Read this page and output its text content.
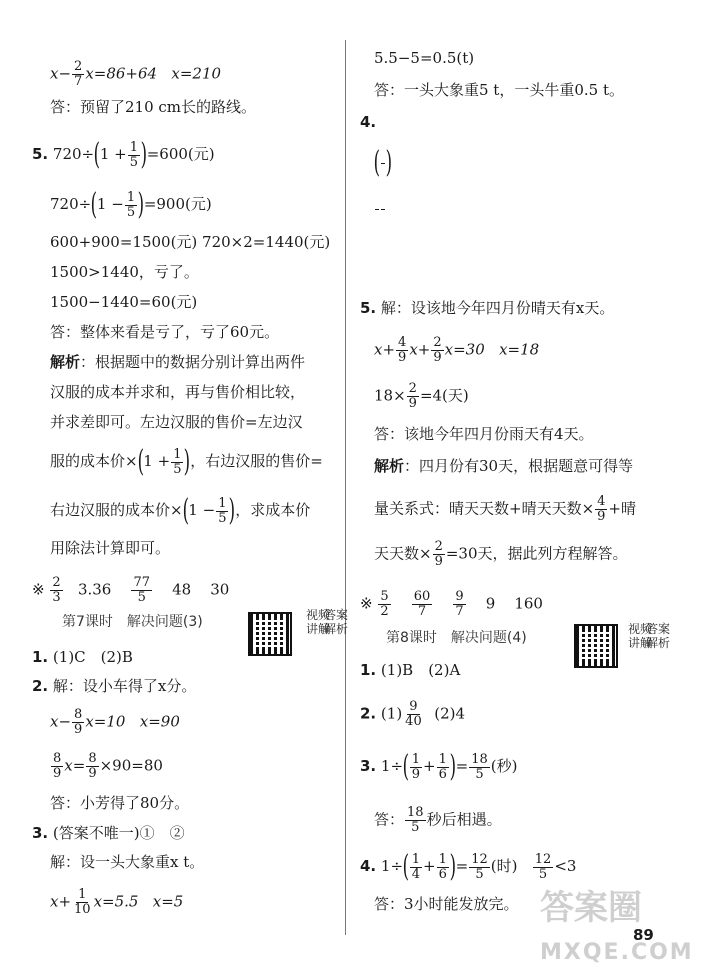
$x- \frac{2}{7} x=86+64$ x=210
答：预留了210 cm长的路线。
5. $720\div(1 + \frac{1}{5} )=600$(元)
$720\div(1 - \frac{1}{5} )=900$(元)
600+900=1500(元) 720×2=1440(元)
1500>1440，亏了。
1500−1440=60(元)
答：整体来看是亏了，亏了60元。
解析：根据题中的数据分别计算出两件
汉服的成本并求和，再与售价相比较，
并求差即可。左边汉服的售价=左边汉
服的成本价$\times(1 + \frac{1}{5}$ )，右边汉服的售价=
右边汉服的成本价$\times(1 - \frac{1}{5}$ )，求成本价
用除法计算即可。
※ $\frac{2}{3} 3.36 \frac{77}{5} 48$ 30
第7课时　解决问题(3)	视频讲解
答案解析
1. (1)C　(2)B
2. 解：设小车得了x分。
$x- \frac{8}{9} x=10$ x=90
$\frac{8}{9} x= \frac{8}{9} \times 90=80$
答：小芳得了80分。
3. (答案不唯一)①　②
解：设一头大象重x t。
$x+ \frac{1}{10} x=5.5$ x=5
5.5−5=0.5(t)
答：一头大象重5 t，一头牛重0.5 t。
4.
( )
5. 解：设该地今年四月份晴天有x天。
$x+ \frac{4}{9} x+ \frac{2}{9} x=30$ x=18
$18\times \frac{2}{9} =4$(天)
答：该地今年四月份雨天有4天。
解析：四月份有30天，根据题意可得等
量关系式：晴天天数+晴天天数× $\frac{4}{9}$ +晴
天天数× $\frac{2}{9} =30$天，据此列方程解答。
※ $\frac{5}{2}$
$\frac{60}{7}$
$\frac{9}{7} 9$ 160
第8课时　解决问题(4)
视频讲解
答案解析
1. (1)B　(2)A
2. $(1) \frac{9}{40} (2)4$
3. $1\div( \frac{1}{9} + \frac{1}{6}$ )= $\frac{18}{5}$ (秒)
答： $\frac{18}{5}$ 秒后相遇。
4. $1\div( \frac{1}{4} + \frac{1}{6}$ )= $\frac{12}{5}$ (时) $\frac{12}{5} <3$
答：3小时能发放完。 答案圈
MXQE.COM
89
